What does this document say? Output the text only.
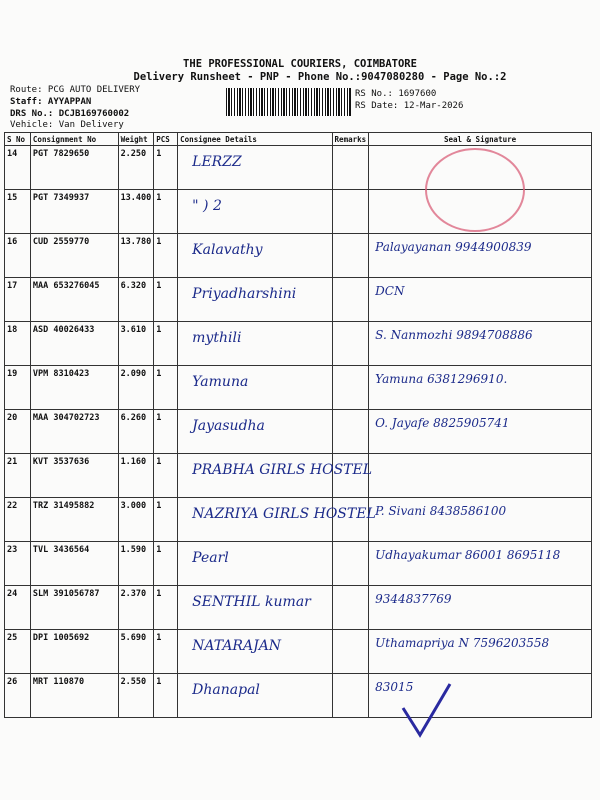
THE PROFESSIONAL COURIERS, COIMBATORE
Delivery Runsheet - PNP - Phone No.:9047080280 - Page No.:2
Route: PCG AUTO DELIVERY
Staff: AYYAPPAN
DRS No.: DCJB169760002
Vehicle: Van Delivery
RS No.: 1697600
RS Date: 12-Mar-2026
S No	Consignment No	Weight	PCS	Consignee Details	Remarks	Seal & Signature
14	PGT 7829650	2.250	1	LERZZ		

15	PGT 7349937	13.400	1	" ) 2		

16	CUD 2559770	13.780	1	Kalavathy		Palayayanan 9944900839

17	MAA 653276045	6.320	1	Priyadharshini		DCN

18	ASD 40026433	3.610	1	mythili		S. Nanmozhi 9894708886

19	VPM 8310423	2.090	1	Yamuna		Yamuna 6381296910.

20	MAA 304702723	6.260	1	Jayasudha		O. Jayafe 8825905741

21	KVT 3537636	1.160	1	PRABHA GIRLS HOSTEL		

22	TRZ 31495882	3.000	1	NAZRIYA GIRLS HOSTEL		P. Sivani 8438586100

23	TVL 3436564	1.590	1	Pearl		Udhayakumar 86001 8695118

24	SLM 391056787	2.370	1	SENTHIL kumar		9344837769

25	DPI 1005692	5.690	1	NATARAJAN		Uthamapriya N 7596203558

26	MRT 110870	2.550	1	Dhanapal		83015
